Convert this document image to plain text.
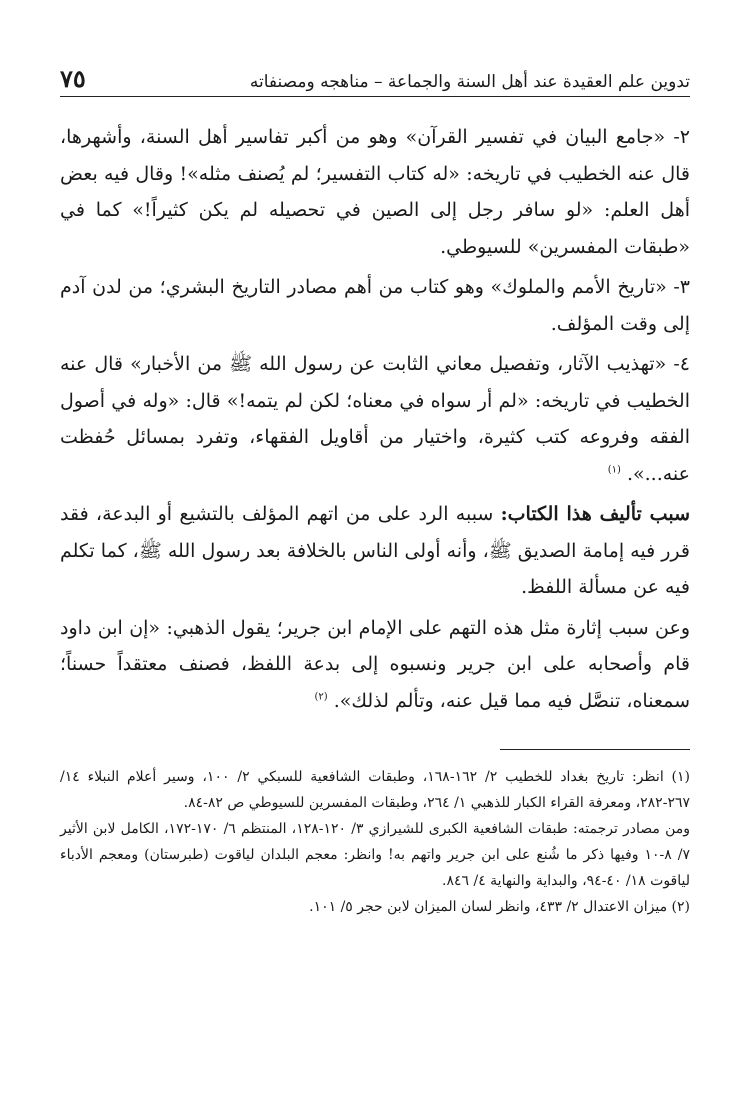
تدوين علم العقيدة عند أهل السنة والجماعة – مناهجه ومصنفاته
٧٥

٢- «جامع البيان في تفسير القرآن» وهو من أكبر تفاسير أهل السنة، وأشهرها، قال عنه الخطيب في تاريخه: «له كتاب التفسير؛ لم يُصنف مثله»! وقال فيه بعض أهل العلم: «لو سافر رجل إلى الصين في تحصيله لم يكن كثيراً!» كما في «طبقات المفسرين» للسيوطي.

٣- «تاريخ الأمم والملوك» وهو كتاب من أهم مصادر التاريخ البشري؛ من لدن آدم إلى وقت المؤلف.

٤- «تهذيب الآثار، وتفصيل معاني الثابت عن رسول الله ﷺ من الأخبار» قال عنه الخطيب في تاريخه: «لم أر سواه في معناه؛ لكن لم يتمه!» قال: «وله في أصول الفقه وفروعه كتب كثيرة، واختيار من أقاويل الفقهاء، وتفرد بمسائل حُفظت عنه...». $^{(١)}$

سبب تأليف هذا الكتاب: سببه الرد على من اتهم المؤلف بالتشيع أو البدعة، فقد قرر فيه إمامة الصديق ﷺ، وأنه أولى الناس بالخلافة بعد رسول الله ﷺ، كما تكلم فيه عن مسألة اللفظ.

وعن سبب إثارة مثل هذه التهم على الإمام ابن جرير؛ يقول الذهبي: «إن ابن داود قام وأصحابه على ابن جرير ونسبوه إلى بدعة اللفظ، فصنف معتقداً حسناً؛ سمعناه، تنصَّل فيه مما قيل عنه، وتألم لذلك». $^{(٢)}$

(١) انظر: تاريخ بغداد للخطيب ٢/ ١٦٢-١٦٨، وطبقات الشافعية للسبكي ٢/ ١٠٠، وسير أعلام النبلاء ١٤/ ٢٦٧-٢٨٢، ومعرفة القراء الكبار للذهبي ١/ ٢٦٤، وطبقات المفسرين للسيوطي ص ٨٢-٨٤.

ومن مصادر ترجمته: طبقات الشافعية الكبرى للشيرازي ٣/ ١٢٠-١٢٨، المنتظم ٦/ ١٧٠-١٧٢، الكامل لابن الأثير ٧/ ٨-١٠ وفيها ذكر ما شُنع على ابن جرير واتهم به! وانظر: معجم البلدان لياقوت (طبرستان) ومعجم الأدباء لياقوت ١٨/ ٤٠-٩٤، والبداية والنهاية ٤/ ٨٤٦.

(٢) ميزان الاعتدال ٢/ ٤٣٣، وانظر لسان الميزان لابن حجر ٥/ ١٠١.
